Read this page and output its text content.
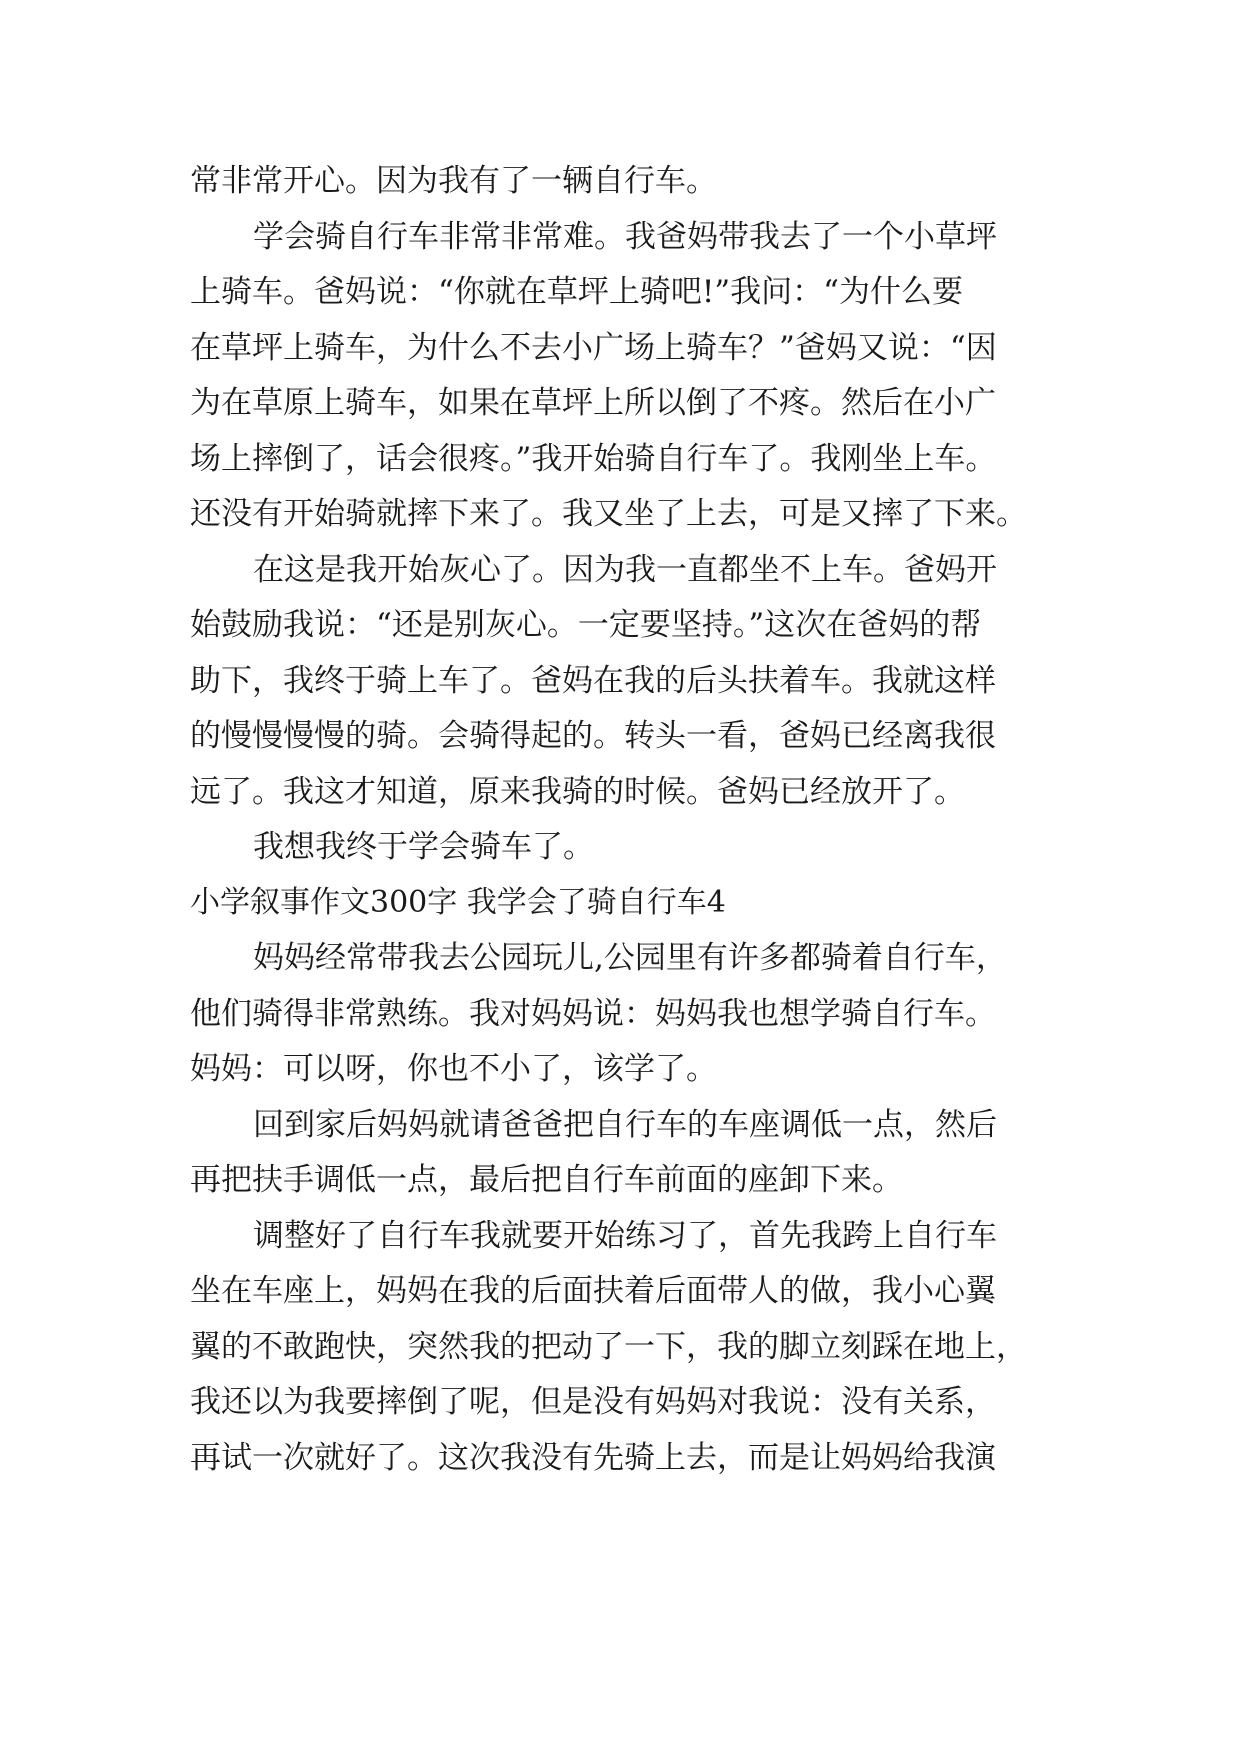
常非常开心。因为我有了一辆自行车。
学会骑自行车非常非常难。我爸妈带我去了一个小草坪
上骑车。爸妈说：“你就在草坪上骑吧!”我问：“为什么要
在草坪上骑车，为什么不去小广场上骑车？”爸妈又说：“因
为在草原上骑车，如果在草坪上所以倒了不疼。然后在小广
场上摔倒了，话会很疼。”我开始骑自行车了。我刚坐上车。
还没有开始骑就摔下来了。我又坐了上去，可是又摔了下来。
在这是我开始灰心了。因为我一直都坐不上车。爸妈开
始鼓励我说：“还是别灰心。一定要坚持。”这次在爸妈的帮
助下，我终于骑上车了。爸妈在我的后头扶着车。我就这样
的慢慢慢慢的骑。会骑得起的。转头一看，爸妈已经离我很
远了。我这才知道，原来我骑的时候。爸妈已经放开了。
我想我终于学会骑车了。
小学叙事作文300字 我学会了骑自行车4
妈妈经常带我去公园玩儿,公园里有许多都骑着自行车，
他们骑得非常熟练。我对妈妈说：妈妈我也想学骑自行车。
妈妈：可以呀，你也不小了，该学了。
回到家后妈妈就请爸爸把自行车的车座调低一点，然后
再把扶手调低一点，最后把自行车前面的座卸下来。
调整好了自行车我就要开始练习了，首先我跨上自行车
坐在车座上，妈妈在我的后面扶着后面带人的做，我小心翼
翼的不敢跑快，突然我的把动了一下，我的脚立刻踩在地上，
我还以为我要摔倒了呢，但是没有妈妈对我说：没有关系，
再试一次就好了。这次我没有先骑上去，而是让妈妈给我演
